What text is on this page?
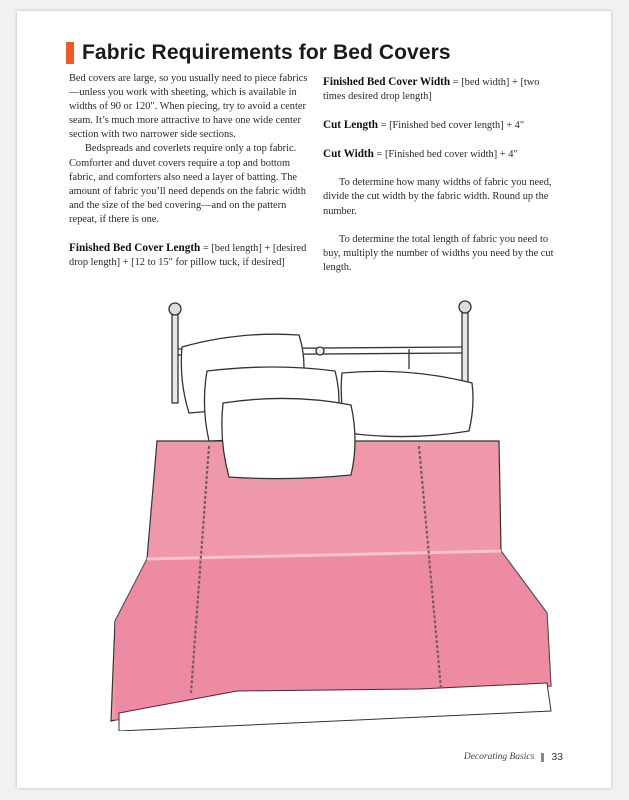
Fabric Requirements for Bed Covers

Bed covers are large, so you usually need to piece fabrics—unless you work with sheeting, which is available in widths of 90 or 120". When piecing, try to avoid a center seam. It’s much more attractive to have one wide center section with two narrower side sections.

Bedspreads and coverlets require only a top fabric. Comforter and duvet covers require a top and bottom fabric, and comforters also need a layer of batting. The amount of fabric you’ll need depends on the fabric width and the size of the bed covering—and on the pattern repeat, if there is one.

Finished Bed Cover Length = [bed length] + [desired drop length] + [12 to 15" for pillow tuck, if desired]

Finished Bed Cover Width = [bed width] + [two times desired drop length]

Cut Length = [Finished bed cover length] + 4"

Cut Width = [Finished bed cover width] + 4"

To determine how many widths of fabric you need, divide the cut width by the fabric width. Round up the number.

To determine the total length of fabric you need to buy, multiply the number of widths you need by the cut length.

Decorating Basics 33
